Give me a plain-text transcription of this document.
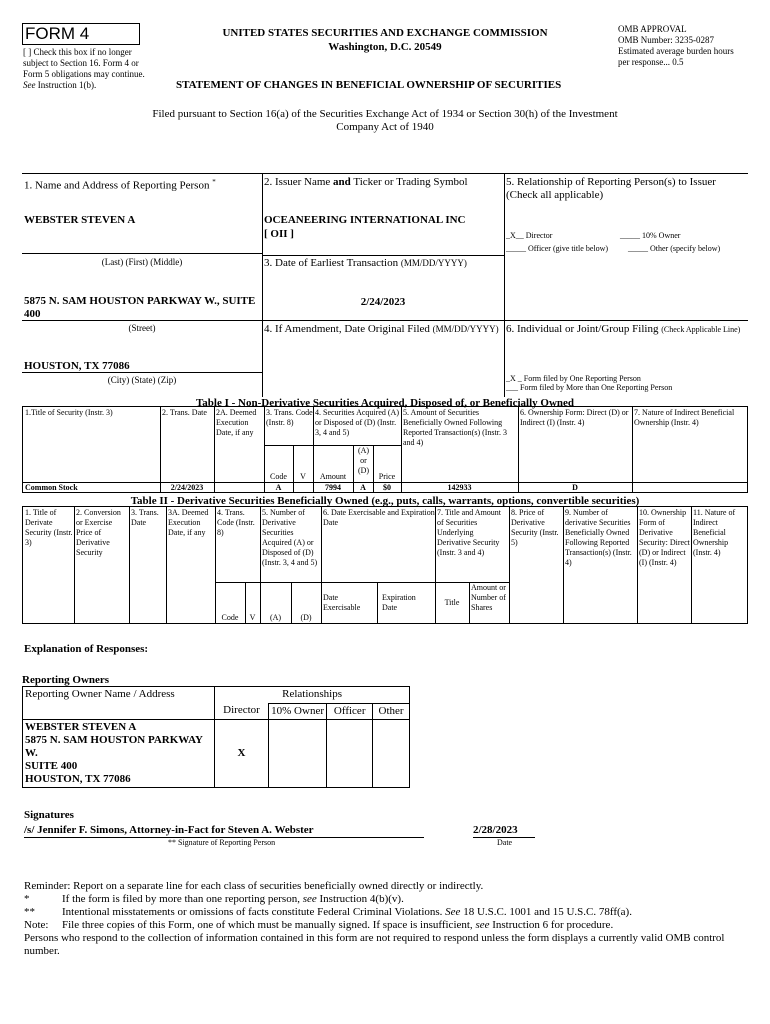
FORM 4
[ ] Check this box if no longer subject to Section 16. Form 4 or Form 5 obligations may continue. See Instruction 1(b).
UNITED STATES SECURITIES AND EXCHANGE COMMISSION
Washington, D.C. 20549
OMB APPROVAL
OMB Number: 3235-0287
Estimated average burden hours per response... 0.5
STATEMENT OF CHANGES IN BENEFICIAL OWNERSHIP OF SECURITIES
Filed pursuant to Section 16(a) of the Securities Exchange Act of 1934 or Section 30(h) of the Investment Company Act of 1940
1. Name and Address of Reporting Person *
WEBSTER STEVEN A
(Last) (First) (Middle)
5875 N. SAM HOUSTON PARKWAY W., SUITE 400
(Street)
HOUSTON, TX 77086
(City) (State) (Zip)
2. Issuer Name and Ticker or Trading Symbol
OCEANEERING INTERNATIONAL INC
[ OII ]
3. Date of Earliest Transaction (MM/DD/YYYY)
2/24/2023
4. If Amendment, Date Original Filed (MM/DD/YYYY)
5. Relationship of Reporting Person(s) to Issuer (Check all applicable)
_X__ Director	_____ 10% Owner
_____ Officer (give title below) _____ Other (specify below)
6. Individual or Joint/Group Filing (Check Applicable Line)
_X _ Form filed by One Reporting Person
___ Form filed by More than One Reporting Person
Table I - Non-Derivative Securities Acquired, Disposed of, or Beneficially Owned
1.Title of Security (Instr. 3)	2. Trans. Date	2A. Deemed Execution Date, if any
3. Trans. Code (Instr. 8)
4. Securities Acquired (A) or Disposed of (D) (Instr. 3, 4 and 5)
5. Amount of Securities Beneficially Owned Following Reported Transaction(s) (Instr. 3 and 4)
6. Ownership Form: Direct (D) or Indirect (I) (Instr. 4)
7. Nature of Indirect Beneficial Ownership (Instr. 4)
Code	V	Amount
(A) or (D)
Price
Common Stock	2/24/2023	A	7994	A	$0	142933	D
Table II - Derivative Securities Beneficially Owned (e.g., puts, calls, warrants, options, convertible securities)
1. Title of Derivate Security (Instr. 3)
2. Conversion or Exercise Price of Derivative Security
3. Trans. Date
3A. Deemed Execution Date, if any
4. Trans. Code (Instr. 8)
5. Number of Derivative Securities Acquired (A) or Disposed of (D) (Instr. 3, 4 and 5)
6. Date Exercisable and Expiration Date
7. Title and Amount of Securities Underlying Derivative Security (Instr. 3 and 4)
8. Price of Derivative Security (Instr. 5)
9. Number of derivative Securities Beneficially Owned Following Reported Transaction(s) (Instr. 4)
10. Ownership Form of Derivative Security: Direct (D) or Indirect (I) (Instr. 4)
11. Nature of Indirect Beneficial Ownership (Instr. 4)
Code	V	(A)	(D)
Date Exercisable
Expiration Date
Title
Amount or Number of Shares
Explanation of Responses:
Reporting Owners
Reporting Owner Name / Address	Relationships			
	Director	10% Owner	Officer	Other

WEBSTER STEVEN A
5875 N. SAM HOUSTON PARKWAY
W.
SUITE 400
HOUSTON, TX 77086	X			
Signatures
/s/ Jennifer F. Simons, Attorney-in-Fact for Steven A. Webster
** Signature of Reporting Person
2/28/2023
Date
Reminder: Report on a separate line for each class of securities beneficially owned directly or indirectly.
*	If the form is filed by more than one reporting person, see Instruction 4(b)(v).
** Intentional misstatements or omissions of facts constitute Federal Criminal Violations. See 18 U.S.C. 1001 and 15 U.S.C. 78ff(a).
Note: File three copies of this Form, one of which must be manually signed. If space is insufficient, see Instruction 6 for procedure.
Persons who respond to the collection of information contained in this form are not required to respond unless the form displays a currently valid OMB control number.
